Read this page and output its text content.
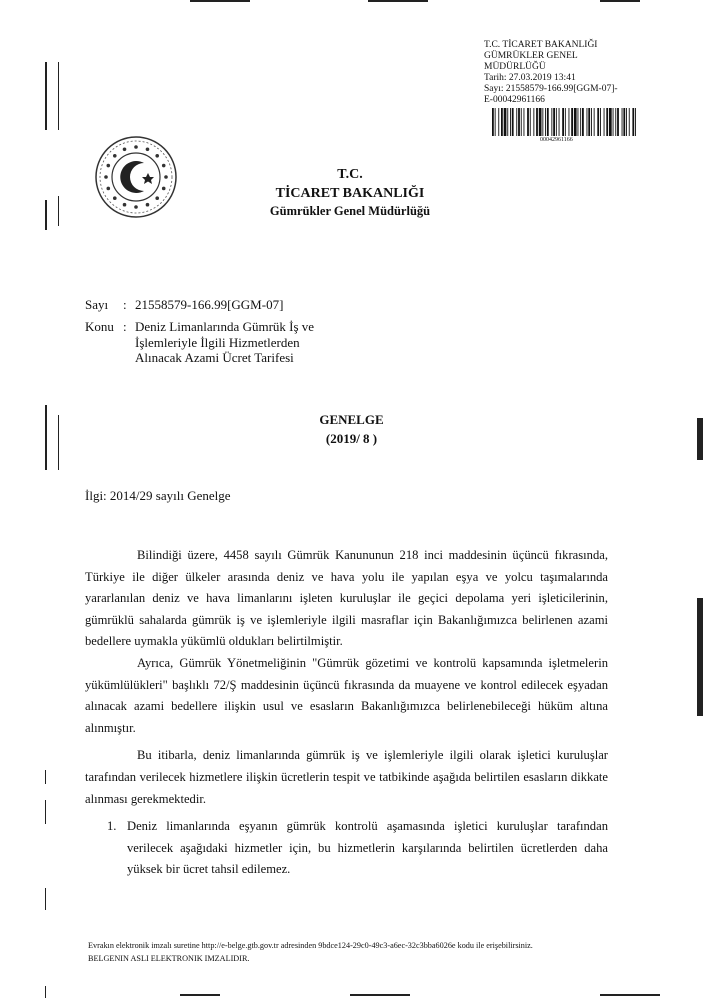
T.C. TİCARET BAKANLIĞI
GÜMRÜKLER GENEL
MÜDÜRLÜĞÜ
Tarih: 27.03.2019 13:41
Sayı: 21558579-166.99[GGM-07]-
E-00042961166
00042961166
T.C.
TİCARET BAKANLIĞI
Gümrükler Genel Müdürlüğü
Sayı : 21558579-166.99[GGM-07]
Konu : Deniz Limanlarında Gümrük İş ve
İşlemleriyle İlgili Hizmetlerden
Alınacak Azami Ücret Tarifesi
GENELGE
(2019/ 8 )
İlgi: 2014/29 sayılı Genelge

Bilindiği üzere, 4458 sayılı Gümrük Kanununun 218 inci maddesinin üçüncü fıkrasında, Türkiye ile diğer ülkeler arasında deniz ve hava yolu ile yapılan eşya ve yolcu taşımalarında yararlanılan deniz ve hava limanlarını işleten kuruluşlar ile geçici depolama yeri işleticilerinin, gümrüklü sahalarda gümrük iş ve işlemleriyle ilgili masraflar için Bakanlığımızca belirlenen azami bedellere uymakla yükümlü oldukları belirtilmiştir.

Ayrıca, Gümrük Yönetmeliğinin "Gümrük gözetimi ve kontrolü kapsamında işletmelerin yükümlülükleri" başlıklı 72/Ş maddesinin üçüncü fıkrasında da muayene ve kontrol edilecek eşyadan alınacak azami bedellere ilişkin usul ve esasların Bakanlığımızca belirlenebileceği hüküm altına alınmıştır.

Bu itibarla, deniz limanlarında gümrük iş ve işlemleriyle ilgili olarak işletici kuruluşlar tarafından verilecek hizmetlere ilişkin ücretlerin tespit ve tatbikinde aşağıda belirtilen esasların dikkate alınması gerekmektedir.

1. Deniz limanlarında eşyanın gümrük kontrolü aşamasında işletici kuruluşlar tarafından verilecek aşağıdaki hizmetler için, bu hizmetlerin karşılarında belirtilen ücretlerden daha yüksek bir ücret tahsil edilemez.
Evrakın elektronik imzalı suretine http://e-belge.gtb.gov.tr adresinden 9bdce124-29c0-49c3-a6ec-32c3bba6026e kodu ile erişebilirsiniz.
BELGENIN ASLI ELEKTRONIK IMZALIDIR.
